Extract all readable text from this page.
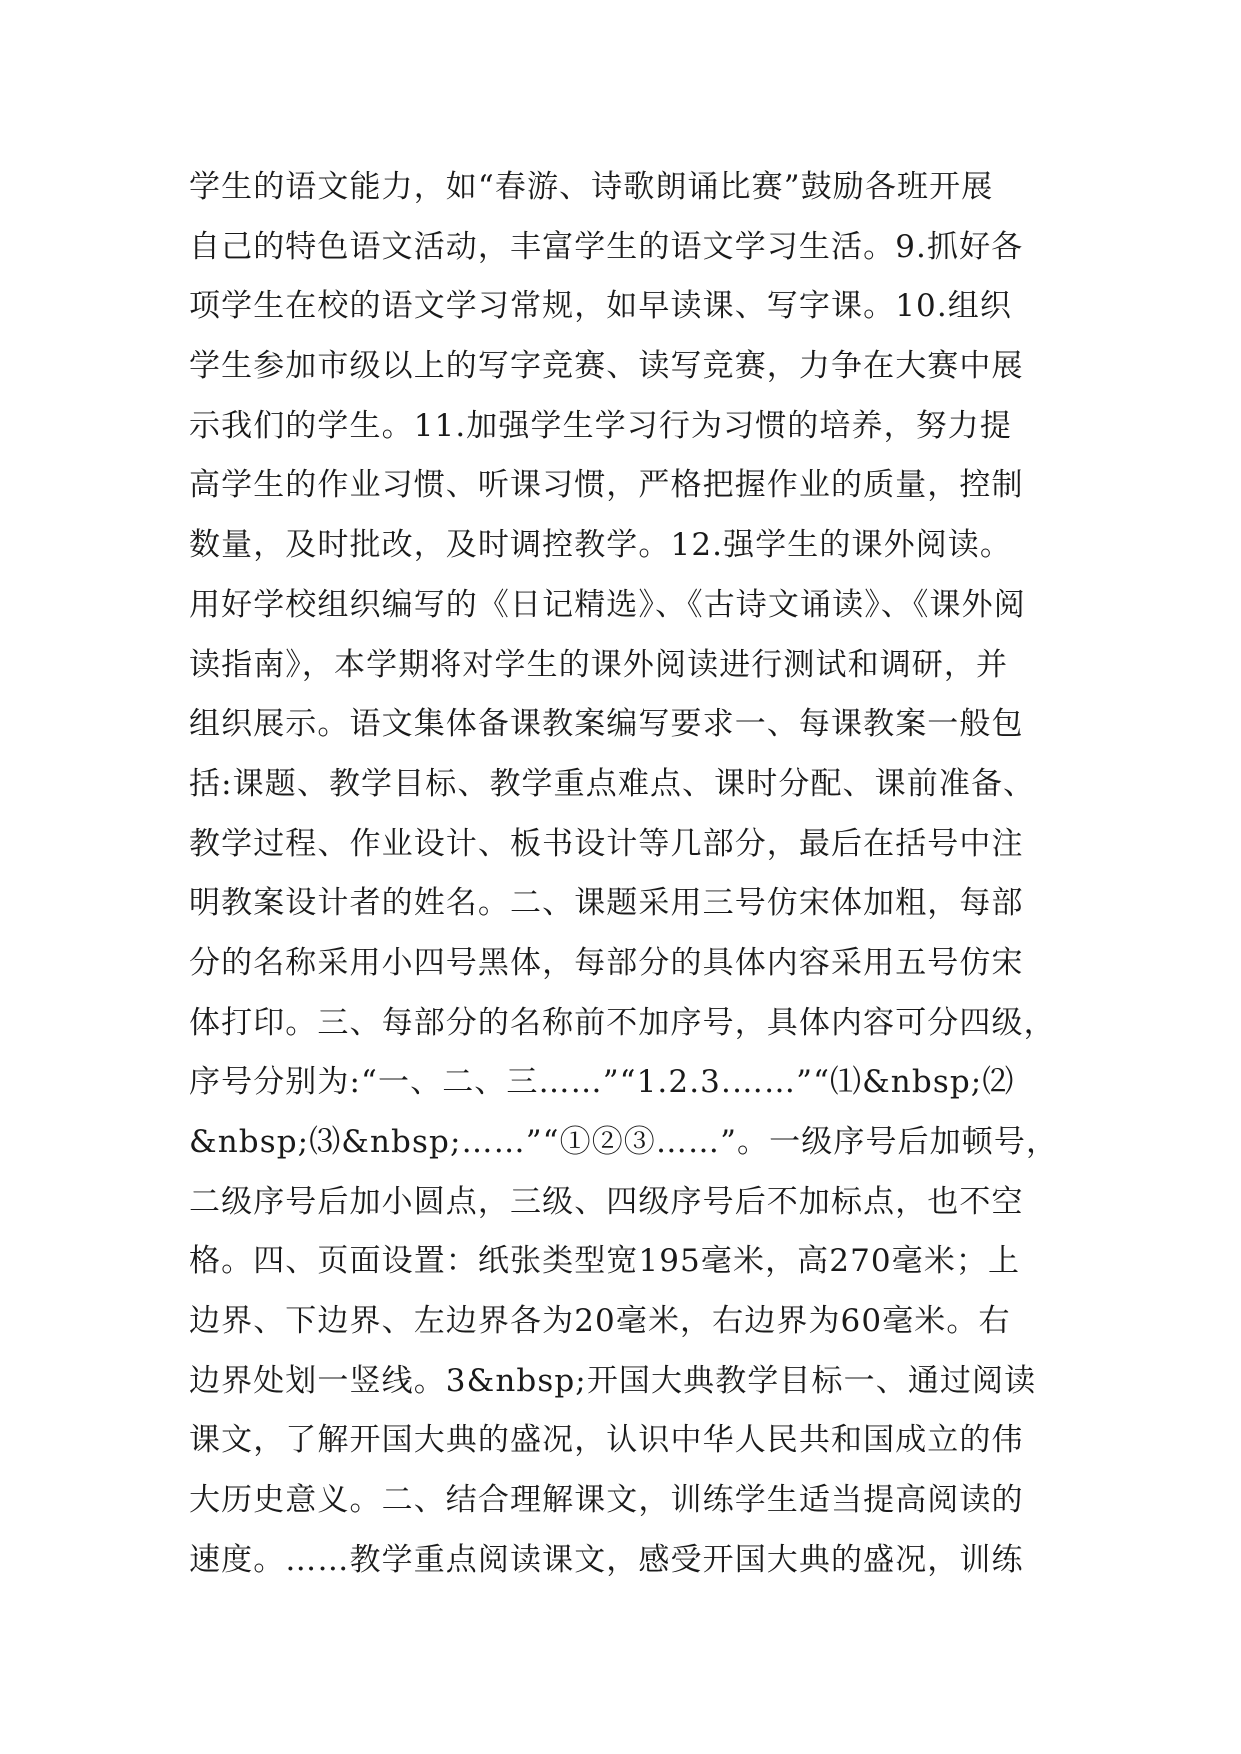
学生的语文能力，如“春游、诗歌朗诵比赛”鼓励各班开展
自己的特色语文活动，丰富学生的语文学习生活。9.抓好各
项学生在校的语文学习常规，如早读课、写字课。10.组织
学生参加市级以上的写字竞赛、读写竞赛，力争在大赛中展
示我们的学生。11.加强学生学习行为习惯的培养，努力提
高学生的作业习惯、听课习惯，严格把握作业的质量，控制
数量，及时批改，及时调控教学。12.强学生的课外阅读。
用好学校组织编写的《日记精选》、《古诗文诵读》、《课外阅
读指南》，本学期将对学生的课外阅读进行测试和调研，并
组织展示。语文集体备课教案编写要求一、每课教案一般包
括:课题、教学目标、教学重点难点、课时分配、课前准备、
教学过程、作业设计、板书设计等几部分，最后在括号中注
明教案设计者的姓名。二、课题采用三号仿宋体加粗，每部
分的名称采用小四号黑体，每部分的具体内容采用五号仿宋
体打印。三、每部分的名称前不加序号，具体内容可分四级，
序号分别为:“一、二、三……”“1.2.3.……”“⑴&nbsp;⑵
&nbsp;⑶&nbsp;……”“①②③……”。一级序号后加顿号，
二级序号后加小圆点，三级、四级序号后不加标点，也不空
格。四、页面设置：纸张类型宽195毫米，高270毫米；上
边界、下边界、左边界各为20毫米，右边界为60毫米。右
边界处划一竖线。3&nbsp;开国大典教学目标一、通过阅读
课文，了解开国大典的盛况，认识中华人民共和国成立的伟
大历史意义。二、结合理解课文，训练学生适当提高阅读的
速度。……教学重点阅读课文，感受开国大典的盛况，训练
